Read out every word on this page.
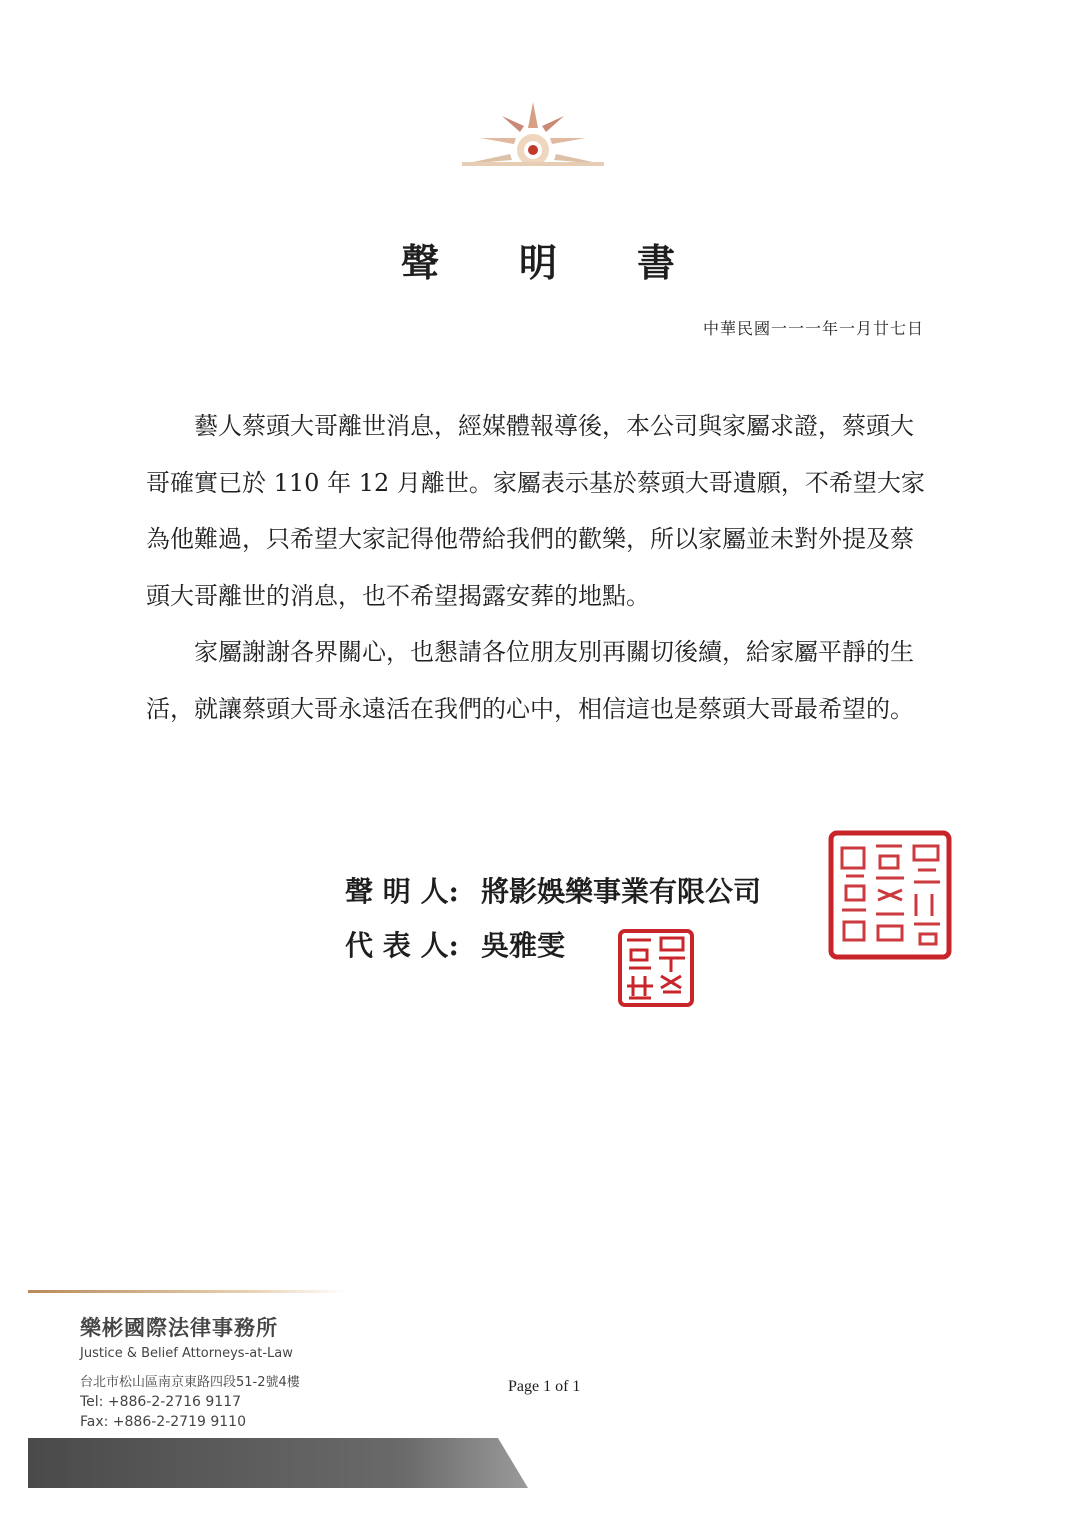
聲 明 書
中華民國一一一年一月廿七日

藝人蔡頭大哥離世消息，經媒體報導後，本公司與家屬求證，蔡頭大哥確實已於 110 年 12 月離世。家屬表示基於蔡頭大哥遺願，不希望大家為他難過，只希望大家記得他帶給我們的歡樂，所以家屬並未對外提及蔡頭大哥離世的消息，也不希望揭露安葬的地點。

家屬謝謝各界關心，也懇請各位朋友別再關切後續，給家屬平靜的生活，就讓蔡頭大哥永遠活在我們的心中，相信這也是蔡頭大哥最希望的。

聲 明 人: 將影娛樂事業有限公司
代 表 人: 吳雅雯
樂彬國際法律事務所
Justice & Belief Attorneys-at-Law
台北市松山區南京東路四段51-2號4樓
Tel: +886-2-2716 9117
Fax: +886-2-2719 9110
Page 1 of 1
